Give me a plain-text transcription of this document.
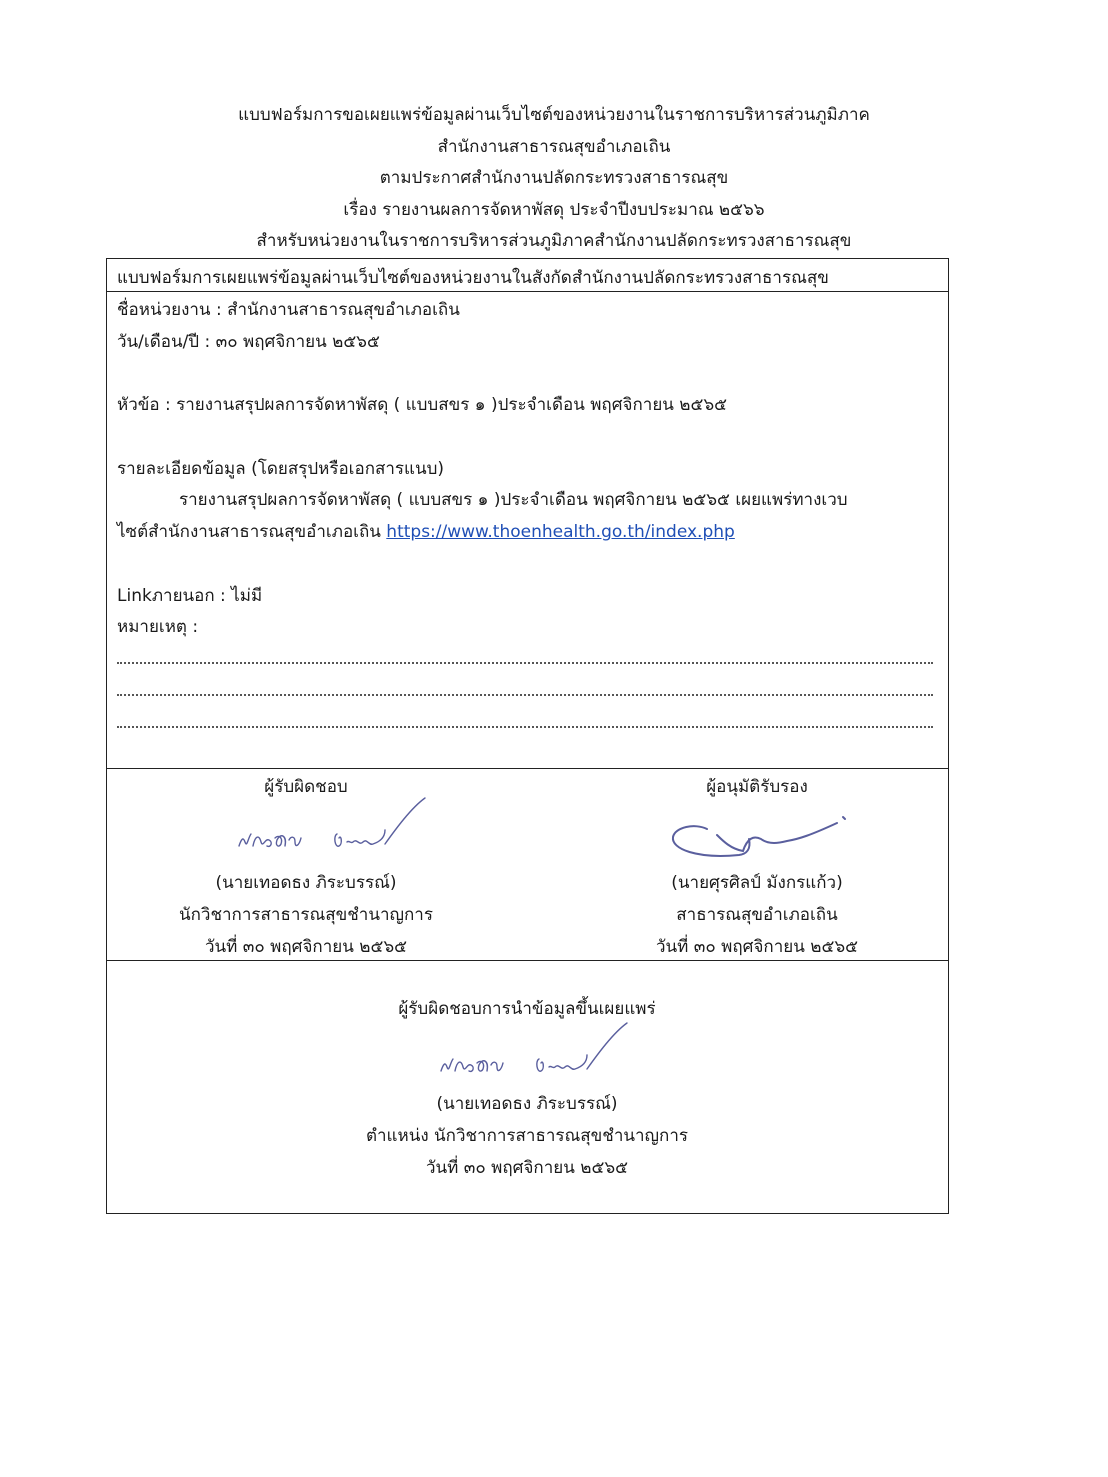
แบบฟอร์มการขอเผยแพร่ข้อมูลผ่านเว็บไซต์ของหน่วยงานในราชการบริหารส่วนภูมิภาค
สำนักงานสาธารณสุขอำเภอเถิน
ตามประกาศสำนักงานปลัดกระทรวงสาธารณสุข
เรื่อง รายงานผลการจัดหาพัสดุ ประจำปีงบประมาณ ๒๕๖๖
สำหรับหน่วยงานในราชการบริหารส่วนภูมิภาคสำนักงานปลัดกระทรวงสาธารณสุข
แบบฟอร์มการเผยแพร่ข้อมูลผ่านเว็บไซต์ของหน่วยงานในสังกัดสำนักงานปลัดกระทรวงสาธารณสุข
ชื่อหน่วยงาน : สำนักงานสาธารณสุขอำเภอเถิน
วัน/เดือน/ปี : ๓๐ พฤศจิกายน ๒๕๖๕
หัวข้อ : รายงานสรุปผลการจัดหาพัสดุ ( แบบสขร ๑ )ประจำเดือน พฤศจิกายน ๒๕๖๕
รายละเอียดข้อมูล (โดยสรุปหรือเอกสารแนบ)
รายงานสรุปผลการจัดหาพัสดุ ( แบบสขร ๑ )ประจำเดือน พฤศจิกายน ๒๕๖๕ เผยแพร่ทางเวบ
ไซต์สำนักงานสาธารณสุขอำเภอเถิน https://www.thoenhealth.go.th/index.php
Linkภายนอก : ไม่มี
หมายเหตุ :
ผู้รับผิดชอบ
(นายเทอดธง ภิระบรรณ์)
นักวิชาการสาธารณสุขชำนาญการ
วันที่ ๓๐ พฤศจิกายน ๒๕๖๕
ผู้อนุมัติรับรอง
(นายศุรศิลป์ มังกรแก้ว)
สาธารณสุขอำเภอเถิน
วันที่ ๓๐ พฤศจิกายน ๒๕๖๕
ผู้รับผิดชอบการนำข้อมูลขึ้นเผยแพร่
(นายเทอดธง ภิระบรรณ์)
ตำแหน่ง นักวิชาการสาธารณสุขชำนาญการ
วันที่ ๓๐ พฤศจิกายน ๒๕๖๕
